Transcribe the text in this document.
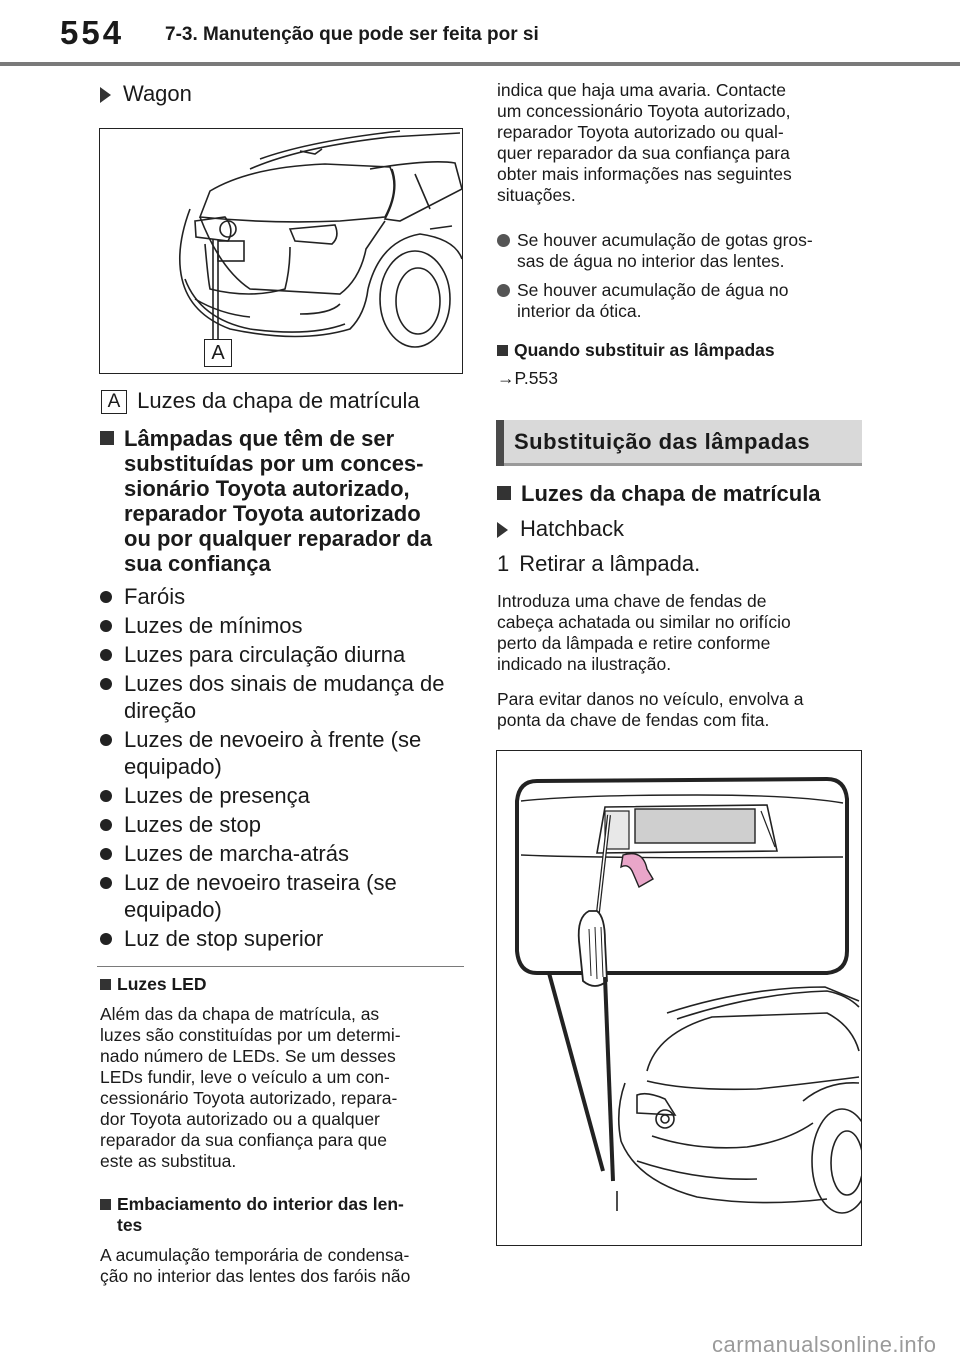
554 7-3. Manutenção que pode ser feita por si
Wagon
A
A Luzes da chapa de matrícula
Lâmpadas que têm de ser
substituídas por um conces-
sionário Toyota autorizado,
reparador Toyota autorizado
ou por qualquer reparador da
sua confiança
Faróis
Luzes de mínimos
Luzes para circulação diurna
Luzes dos sinais de mudança de
direção
Luzes de nevoeiro à frente (se
equipado)
Luzes de presença
Luzes de stop
Luzes de marcha-atrás
Luz de nevoeiro traseira (se
equipado)
Luz de stop superior
Luzes LED
Além das da chapa de matrícula, as
luzes são constituídas por um determi-
nado número de LEDs. Se um desses
LEDs fundir, leve o veículo a um con-
cessionário Toyota autorizado, repara-
dor Toyota autorizado ou a qualquer
reparador da sua confiança para que
este as substitua.
Embaciamento do interior das len-
tes
A acumulação temporária de condensa-
ção no interior das lentes dos faróis não
indica que haja uma avaria. Contacte
um concessionário Toyota autorizado,
reparador Toyota autorizado ou qual-
quer reparador da sua confiança para
obter mais informações nas seguintes
situações.
Se houver acumulação de gotas gros-
sas de água no interior das lentes.
Se houver acumulação de água no
interior da ótica.
Quando substituir as lâmpadas
→P.553
Substituição das lâmpadas
Luzes da chapa de matrícula
Hatchback
1 Retirar a lâmpada.
Introduza uma chave de fendas de
cabeça achatada ou similar no orifício
perto da lâmpada e retire conforme
indicado na ilustração.
Para evitar danos no veículo, envolva a
ponta da chave de fendas com fita.
carmanualsonline.info
